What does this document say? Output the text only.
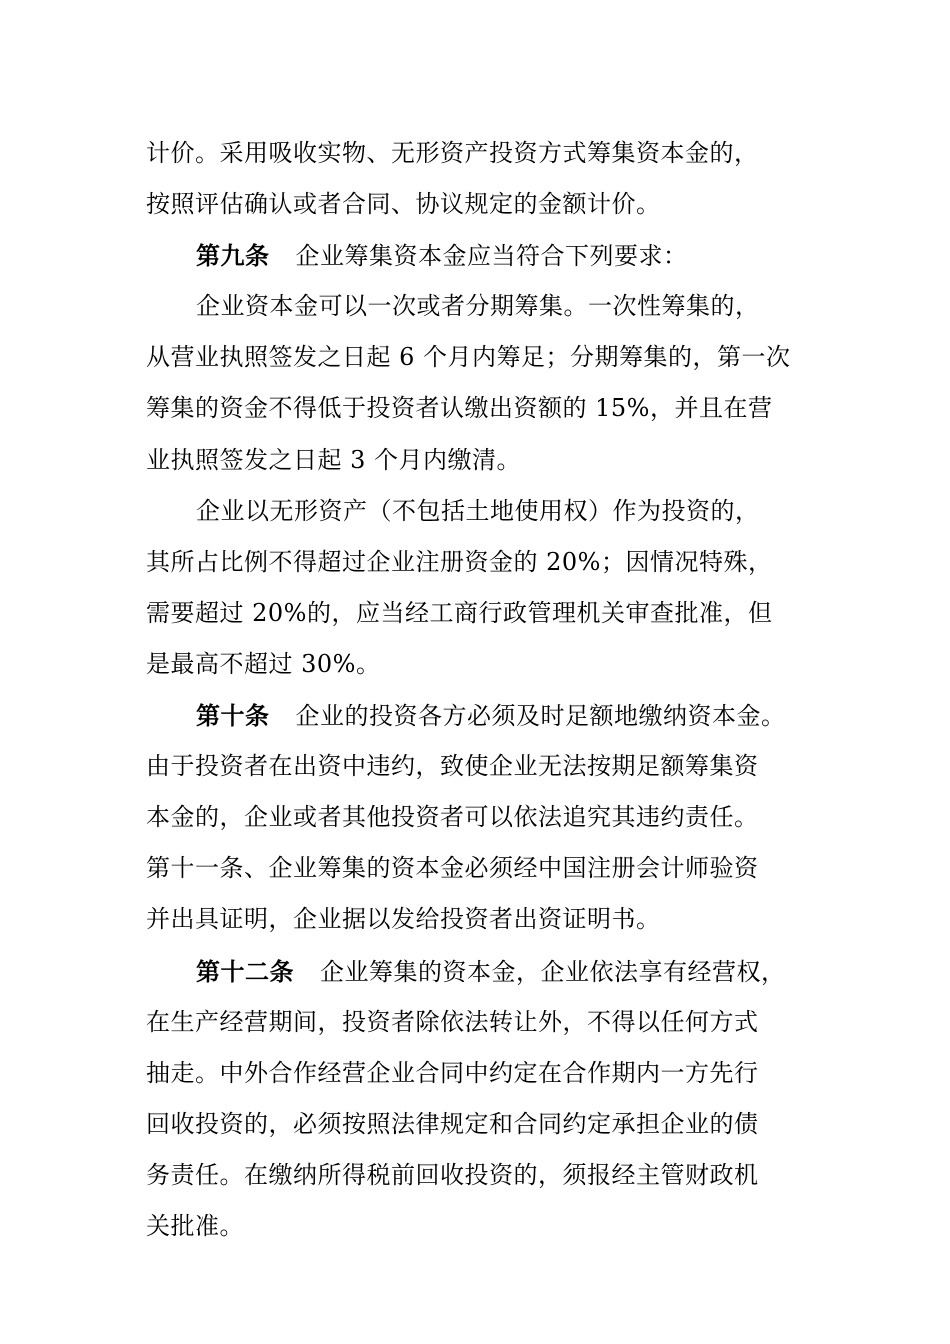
计价。采用吸收实物、无形资产投资方式筹集资本金的，
按照评估确认或者合同、协议规定的金额计价。
第九条 企业筹集资本金应当符合下列要求：
企业资本金可以一次或者分期筹集。一次性筹集的，
从营业执照签发之日起 6 个月内筹足；分期筹集的，第一次
筹集的资金不得低于投资者认缴出资额的 15%，并且在营
业执照签发之日起 3 个月内缴清。
企业以无形资产（不包括土地使用权）作为投资的，
其所占比例不得超过企业注册资金的 20%；因情况特殊，
需要超过 20%的，应当经工商行政管理机关审查批准，但
是最高不超过 30%。
第十条 企业的投资各方必须及时足额地缴纳资本金。
由于投资者在出资中违约，致使企业无法按期足额筹集资
本金的，企业或者其他投资者可以依法追究其违约责任。
第十一条、企业筹集的资本金必须经中国注册会计师验资
并出具证明，企业据以发给投资者出资证明书。
第十二条 企业筹集的资本金，企业依法享有经营权，
在生产经营期间，投资者除依法转让外，不得以任何方式
抽走。中外合作经营企业合同中约定在合作期内一方先行
回收投资的，必须按照法律规定和合同约定承担企业的债
务责任。在缴纳所得税前回收投资的，须报经主管财政机
关批准。
